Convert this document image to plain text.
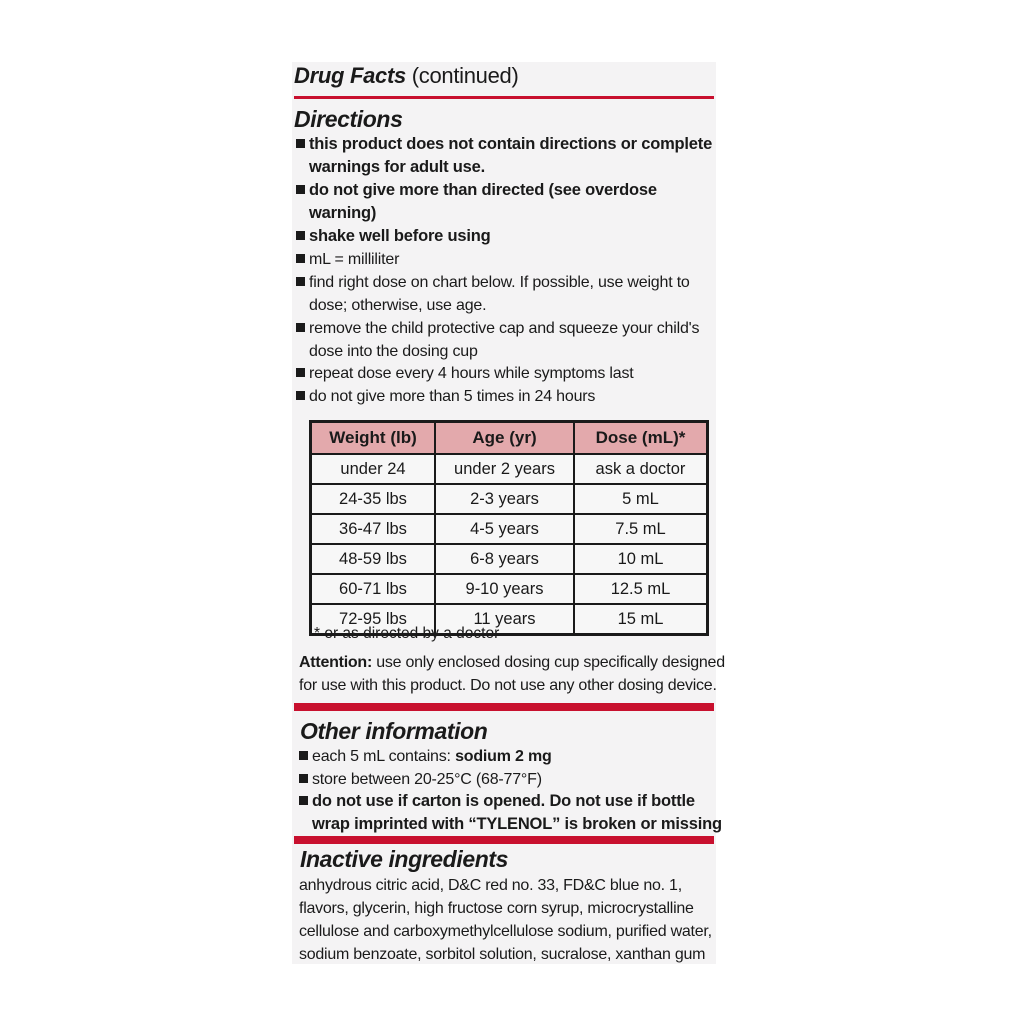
Drug Facts (continued)
Directions
this product does not contain directions or complete
warnings for adult use.
do not give more than directed (see overdose
warning)
shake well before using
mL = milliliter
find right dose on chart below. If possible, use weight to
dose; otherwise, use age.
remove the child protective cap and squeeze your child's
dose into the dosing cup
repeat dose every 4 hours while symptoms last
do not give more than 5 times in 24 hours
Weight (lb)	Age (yr)	Dose (mL)*
under 24	under 2 years	ask a doctor
24-35 lbs	2-3 years	5 mL
36-47 lbs	4-5 years	7.5 mL
48-59 lbs	6-8 years	10 mL
60-71 lbs	9-10 years	12.5 mL
72-95 lbs	11 years	15 mL
* or as directed by a doctor
Attention: use only enclosed dosing cup specifically designed
for use with this product. Do not use any other dosing device.
Other information
each 5 mL contains: sodium 2 mg
store between 20-25°C (68-77°F)
do not use if carton is opened. Do not use if bottle
wrap imprinted with “TYLENOL” is broken or missing
Inactive ingredients
anhydrous citric acid, D&C red no. 33, FD&C blue no. 1,
flavors, glycerin, high fructose corn syrup, microcrystalline
cellulose and carboxymethylcellulose sodium, purified water,
sodium benzoate, sorbitol solution, sucralose, xanthan gum
